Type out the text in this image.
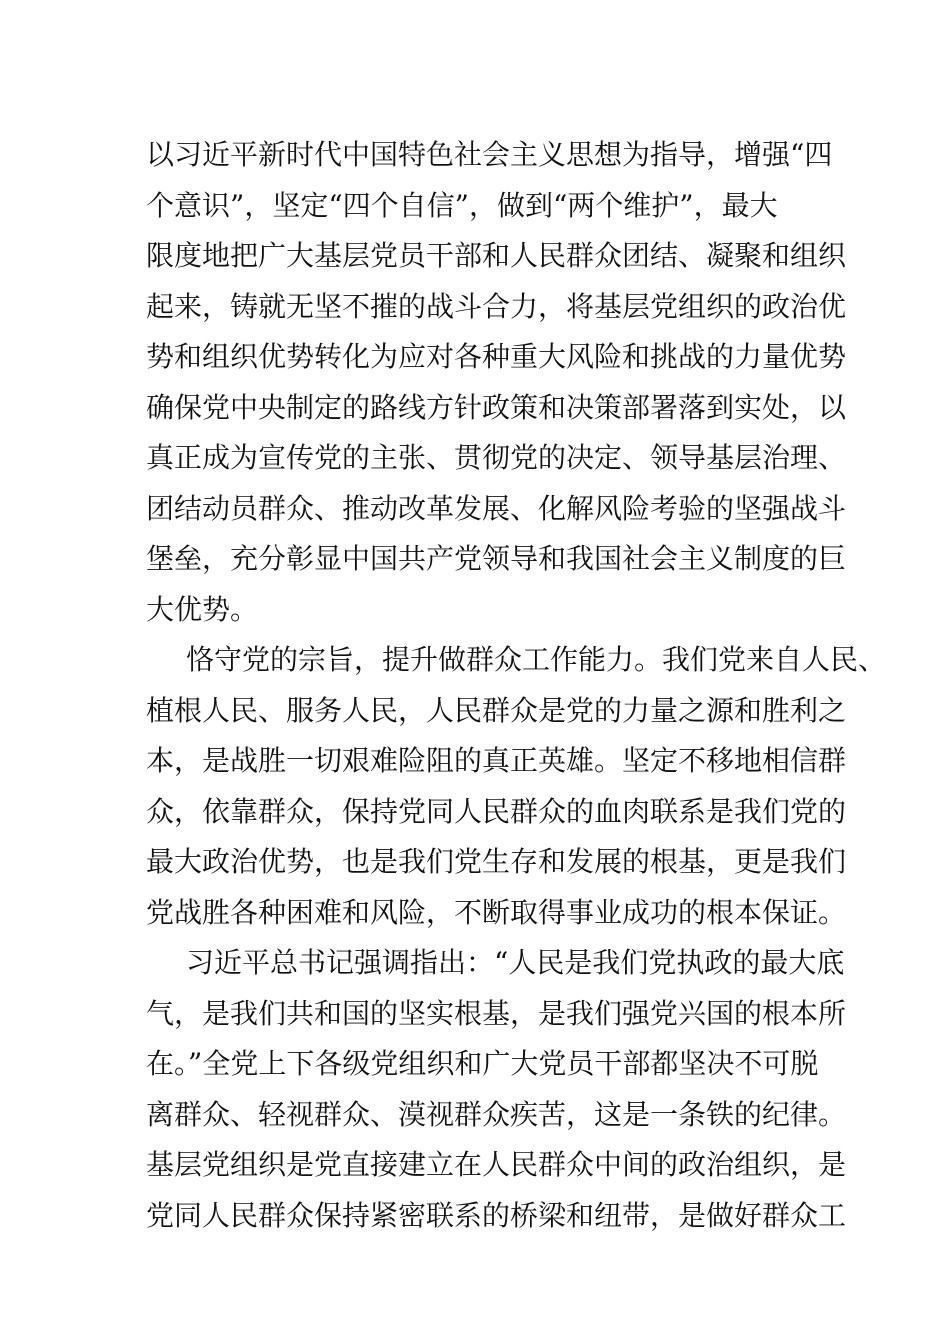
以习近平新时代中国特色社会主义思想为指导，增强“四
个意识”，坚定“四个自信”，做到“两个维护”，最大
限度地把广大基层党员干部和人民群众团结、凝聚和组织
起来，铸就无坚不摧的战斗合力，将基层党组织的政治优
势和组织优势转化为应对各种重大风险和挑战的力量优势
确保党中央制定的路线方针政策和决策部署落到实处，以
真正成为宣传党的主张、贯彻党的决定、领导基层治理、
团结动员群众、推动改革发展、化解风险考验的坚强战斗
堡垒，充分彰显中国共产党领导和我国社会主义制度的巨
大优势。
恪守党的宗旨，提升做群众工作能力。我们党来自人民、
植根人民、服务人民，人民群众是党的力量之源和胜利之
本，是战胜一切艰难险阻的真正英雄。坚定不移地相信群
众，依靠群众，保持党同人民群众的血肉联系是我们党的
最大政治优势，也是我们党生存和发展的根基，更是我们
党战胜各种困难和风险，不断取得事业成功的根本保证。
习近平总书记强调指出：“人民是我们党执政的最大底
气，是我们共和国的坚实根基，是我们强党兴国的根本所
在。”全党上下各级党组织和广大党员干部都坚决不可脱
离群众、轻视群众、漠视群众疾苦，这是一条铁的纪律。
基层党组织是党直接建立在人民群众中间的政治组织，是
党同人民群众保持紧密联系的桥梁和纽带，是做好群众工
